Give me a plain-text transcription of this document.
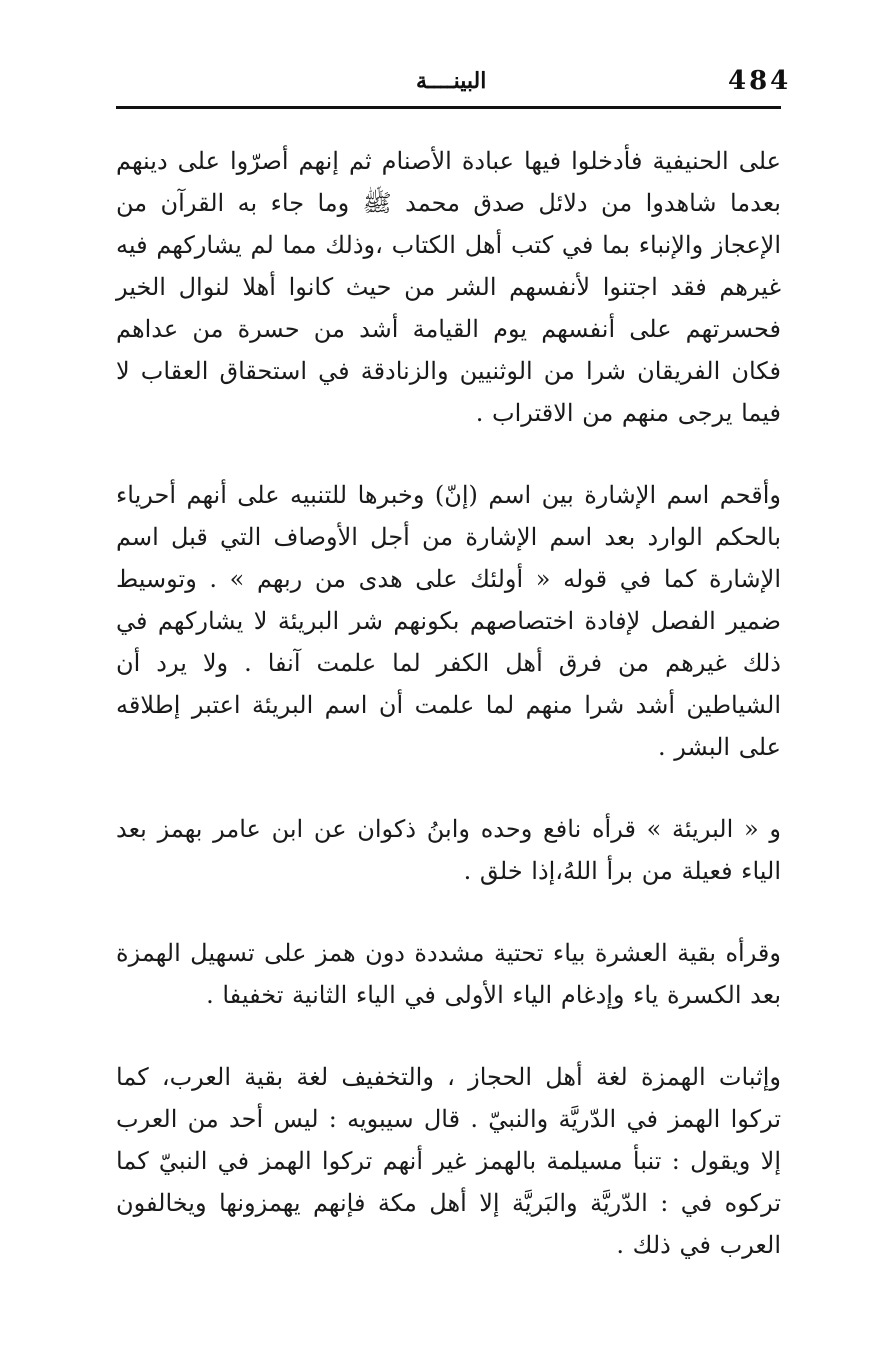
البينــــة	484

على الحنيفية فأدخلوا فيها عبادة الأصنام ثم إنهم أصرّوا على دينهم بعدما شاهدوا من دلائل صدق محمد ﷺ وما جاء به القرآن من الإعجاز والإنباء بما في كتب أهل الكتاب ،وذلك مما لم يشاركهم فيه غيرهم فقد اجتنوا لأنفسهم الشر من حيث كانوا أهلا لنوال الخير فحسرتهم على أنفسهم يوم القيامة أشد من حسرة من عداهم فكان الفريقان شرا من الوثنيين والزنادقة في استحقاق العقاب لا فيما يرجى منهم من الاقتراب .

وأقحم اسم الإشارة بين اسم (إنّ) وخبرها للتنبيه على أنهم أحرياء بالحكم الوارد بعد اسم الإشارة من أجل الأوصاف التي قبل اسم الإشارة كما في قوله « أولئك على هدى من ربهم » . وتوسيط ضمير الفصل لإفادة اختصاصهم بكونهم شر البريئة لا يشاركهم في ذلك غيرهم من فرق أهل الكفر لما علمت آنفا . ولا يرد أن الشياطين أشد شرا منهم لما علمت أن اسم البريئة اعتبر إطلاقه على البشر .

و « البريئة » قرأه نافع وحده وابنُ ذكوان عن ابن عامر بهمز بعد الياء فعيلة من برأ اللهُ،إذا خلق .

وقرأه بقية العشرة بياء تحتية مشددة دون همز على تسهيل الهمزة بعد الكسرة ياء وإدغام الياء الأولى في الياء الثانية تخفيفا .

وإثبات الهمزة لغة أهل الحجاز ، والتخفيف لغة بقية العرب، كما تركوا الهمز في الدّريَّة والنبيّ . قال سيبويه : ليس أحد من العرب إلا ويقول : تنبأ مسيلمة بالهمز غير أنهم تركوا الهمز في النبيّ كما تركوه في : الدّريَّة والبَريَّة إلا أهل مكة فإنهم يهمزونها ويخالفون العرب في ذلك .
